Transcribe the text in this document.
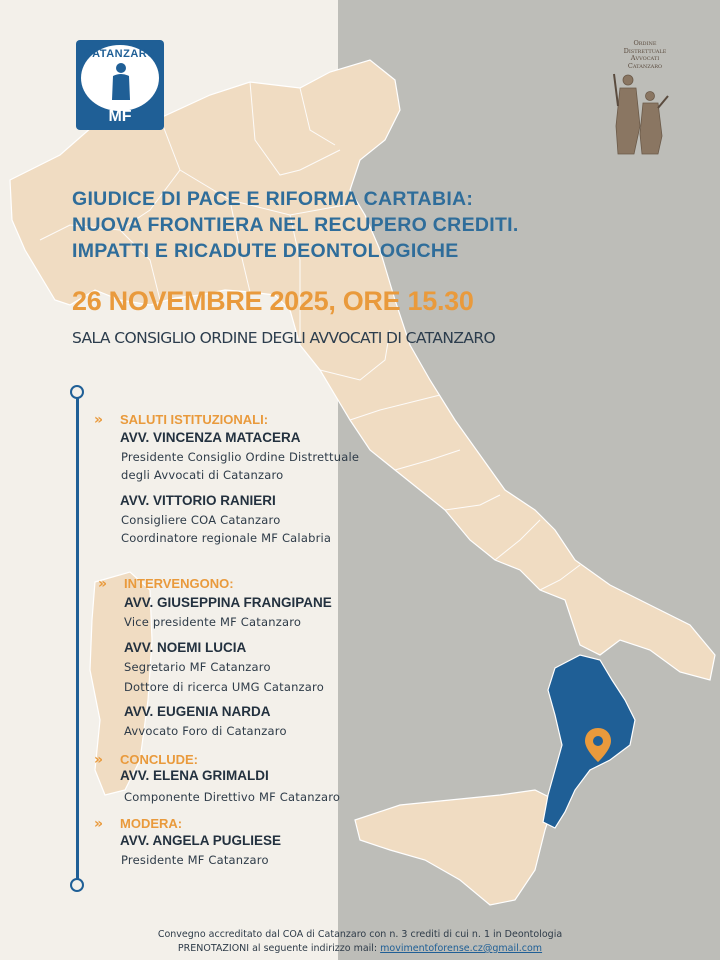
CATANZARO
MF
Ordine
Distrettuale
Avvocati
Catanzaro
GIUDICE DI PACE E RIFORMA CARTABIA:
NUOVA FRONTIERA NEL RECUPERO CREDITI.
IMPATTI E RICADUTE DEONTOLOGICHE
26 NOVEMBRE 2025, ORE 15.30
SALA CONSIGLIO ORDINE DEGLI AVVOCATI DI CATANZARO
» SALUTI ISTITUZIONALI:
AVV. VINCENZA MATACERA
Presidente Consiglio Ordine Distrettuale
degli Avvocati di Catanzaro
AVV. VITTORIO RANIERI
Consigliere COA Catanzaro
Coordinatore regionale MF Calabria
» INTERVENGONO:
AVV. GIUSEPPINA FRANGIPANE
Vice presidente MF Catanzaro
AVV. NOEMI LUCIA
Segretario MF Catanzaro
Dottore di ricerca UMG Catanzaro
AVV. EUGENIA NARDA
Avvocato Foro di Catanzaro
» CONCLUDE:
AVV. ELENA GRIMALDI
Componente Direttivo MF Catanzaro
» MODERA:
AVV. ANGELA PUGLIESE
Presidente MF Catanzaro
Convegno accreditato dal COA di Catanzaro con n. 3 crediti di cui n. 1 in Deontologia
PRENOTAZIONI al seguente indirizzo mail: movimentoforense.cz@gmail.com
